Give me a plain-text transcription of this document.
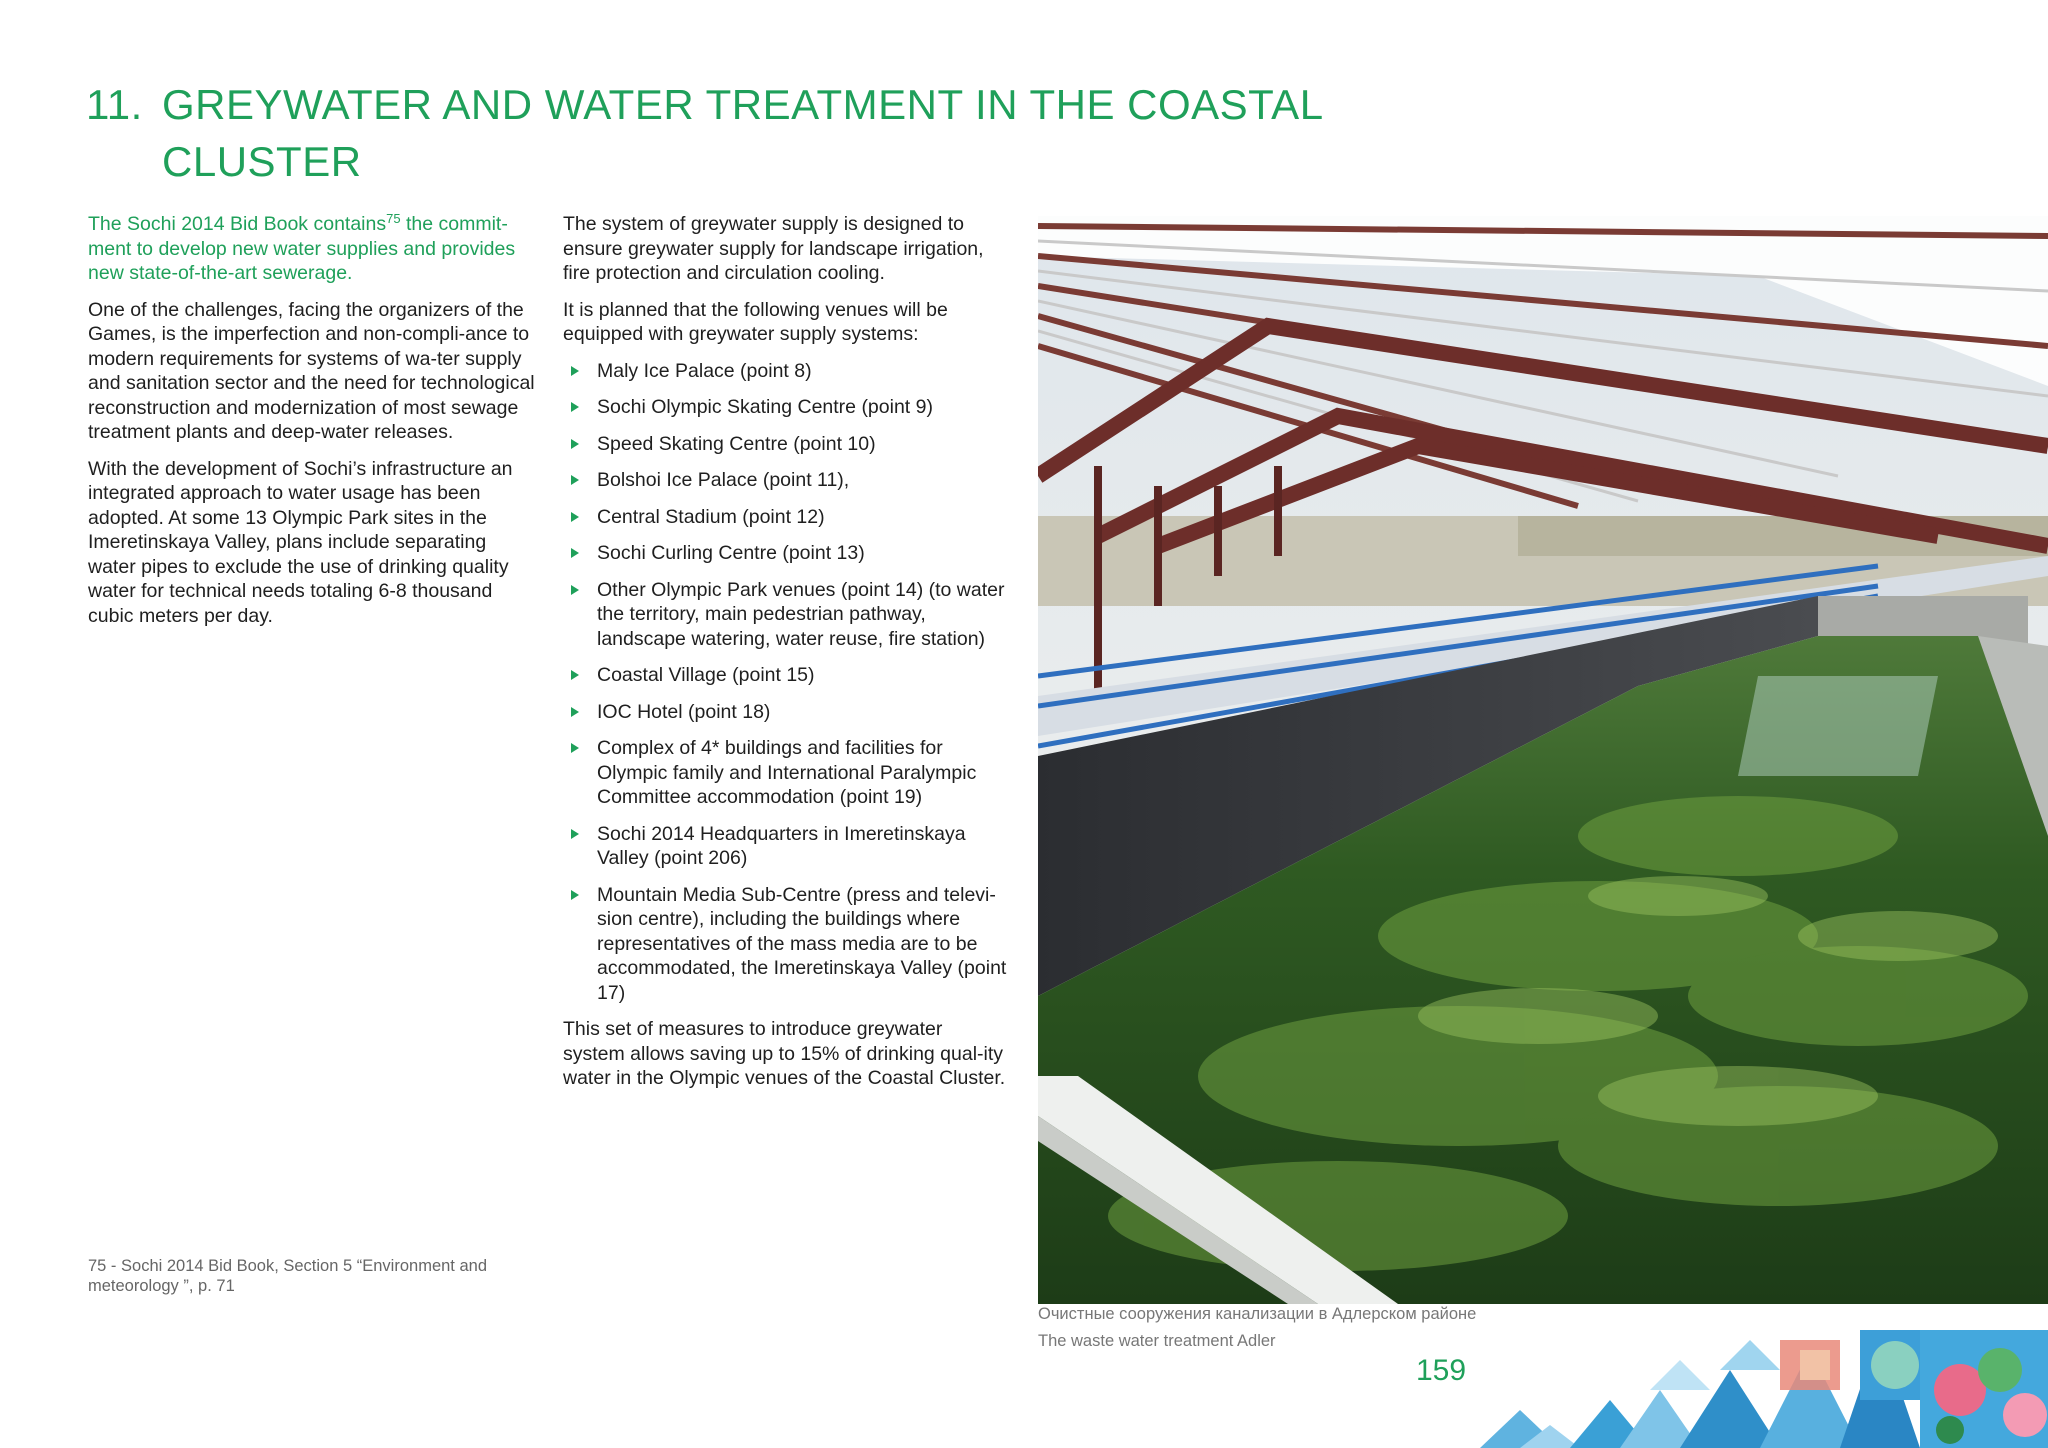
11. GREYWATER AND WATER TREATMENT IN THE COASTAL
CLUSTER

The Sochi 2014 Bid Book contains$^{75}$ the commit-ment to develop new water supplies and provides new state-of-the-art sewerage.

One of the challenges, facing the organizers of the Games, is the imperfection and non-compli-ance to modern requirements for systems of wa-ter supply and sanitation sector and the need for technological reconstruction and modernization of most sewage treatment plants and deep-water releases.

With the development of Sochi’s infrastructure an integrated approach to water usage has been adopted. At some 13 Olympic Park sites in the Imeretinskaya Valley, plans include separating water pipes to exclude the use of drinking quality water for technical needs totaling 6-8 thousand cubic meters per day.

The system of greywater supply is designed to ensure greywater supply for landscape irrigation, fire protection and circulation cooling.

It is planned that the following venues will be equipped with greywater supply systems:

Maly Ice Palace (point 8)
Sochi Olympic Skating Centre (point 9)
Speed Skating Centre (point 10)
Bolshoi Ice Palace (point 11),
Central Stadium (point 12)
Sochi Curling Centre (point 13)
Other Olympic Park venues (point 14) (to water the territory, main pedestrian pathway, landscape watering, water reuse, fire station)
Coastal Village (point 15)
IOC Hotel (point 18)
Complex of 4* buildings and facilities for Olympic family and International Paralympic Committee accommodation (point 19)
Sochi 2014 Headquarters in Imeretinskaya Valley (point 206)
Mountain Media Sub-Centre (press and televi-sion centre), including the buildings where representatives of the mass media are to be accommodated, the Imeretinskaya Valley (point 17)

This set of measures to introduce greywater system allows saving up to 15% of drinking qual-ity water in the Olympic venues of the Coastal Cluster.

75 - Sochi 2014 Bid Book, Section 5 “Environment and
meteorology ”, p. 71
Очистные сооружения канализации в Адлерском районе
The waste water treatment Adler
159
